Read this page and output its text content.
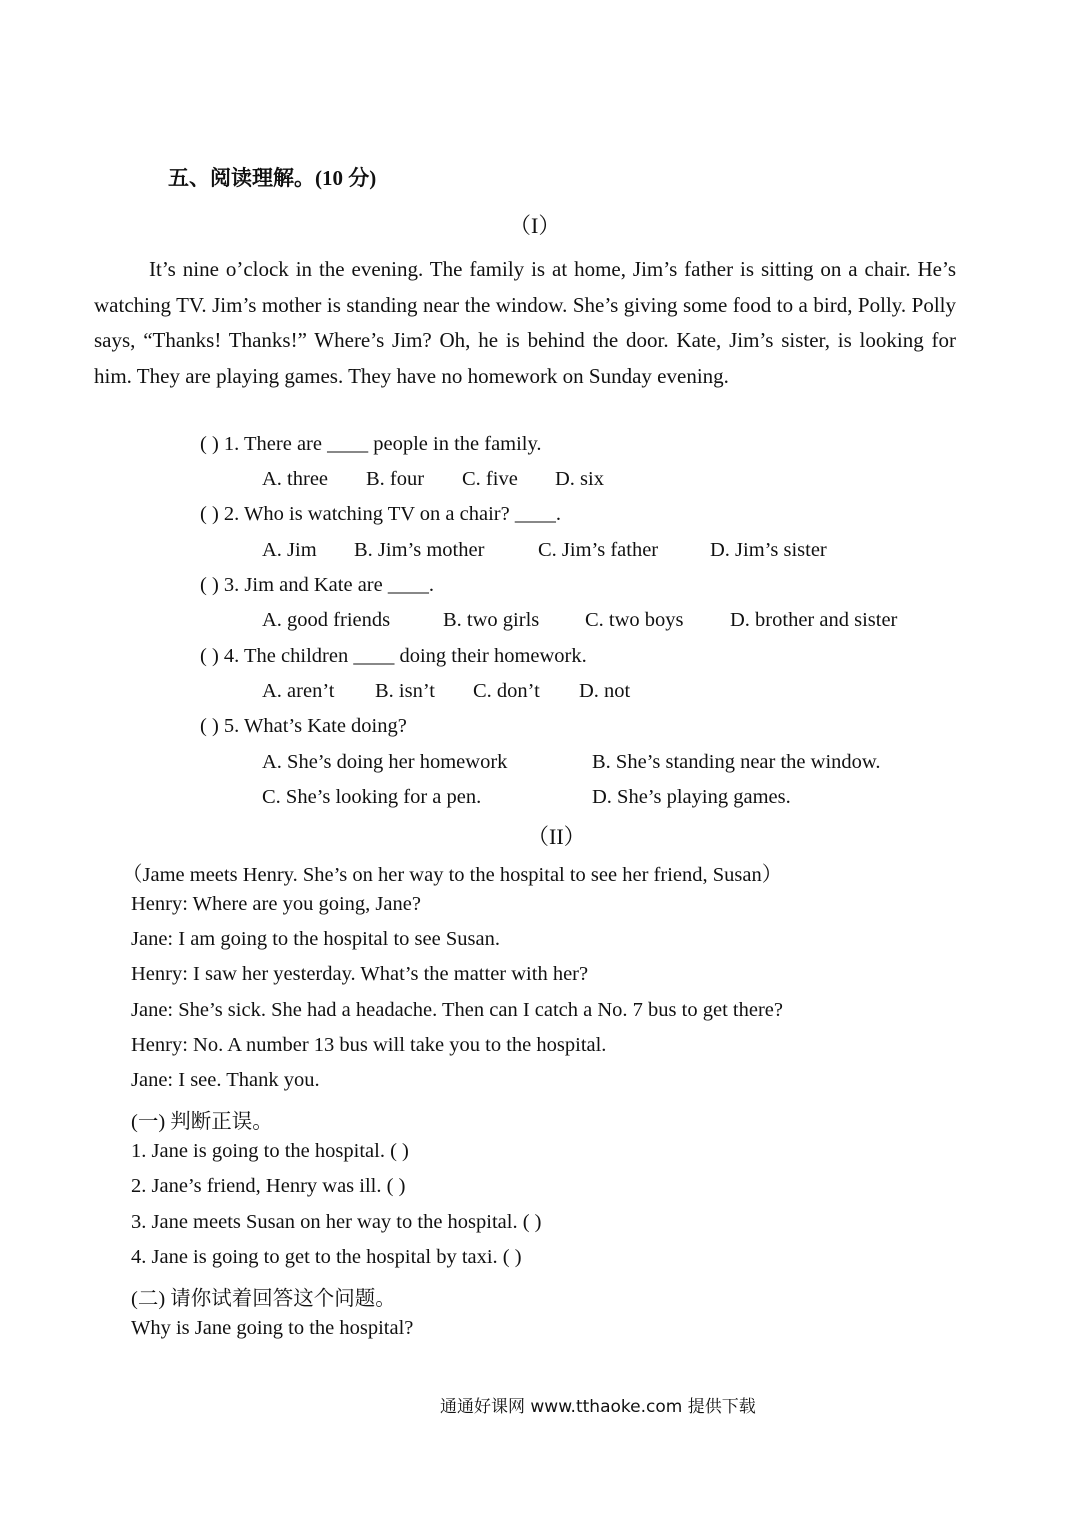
五、阅读理解。(10 分)
（I）

It’s nine o’clock in the evening. The family is at home, Jim’s father is sitting on a chair. He’s watching TV. Jim’s mother is standing near the window. She’s giving some food to a bird, Polly. Polly says, “Thanks! Thanks!” Where’s Jim? Oh, he is behind the door. Kate, Jim’s sister, is looking for him. They are playing games. They have no homework on Sunday evening.

( ) 1. There are ____ people in the family.
A. three B. four C. five D. six
( ) 2. Who is watching TV on a chair? ____.
A. Jim B. Jim’s mother	C. Jim’s father	D. Jim’s sister
( ) 3. Jim and Kate are ____.
A. good friends	B. two girls C. two boys D. brother and sister
( ) 4. The children ____ doing their homework.
A. aren’t B. isn’t C. don’t D. not
( ) 5. What’s Kate doing?
A. She’s doing her homework	B. She’s standing near the window.
C. She’s looking for a pen.	D. She’s playing games.
（II）
（Jame meets Henry. She’s on her way to the hospital to see her friend, Susan）
Henry: Where are you going, Jane?
Jane: I am going to the hospital to see Susan.
Henry: I saw her yesterday. What’s the matter with her?
Jane: She’s sick. She had a headache. Then can I catch a No. 7 bus to get there?
Henry: No. A number 13 bus will take you to the hospital.
Jane: I see. Thank you.
(一) 判断正误。
1. Jane is going to the hospital. ( )
2. Jane’s friend, Henry was ill. ( )
3. Jane meets Susan on her way to the hospital. ( )
4. Jane is going to get to the hospital by taxi. ( )
(二) 请你试着回答这个问题。
Why is Jane going to the hospital?
通通好课网 www.tthaoke.com 提供下载
